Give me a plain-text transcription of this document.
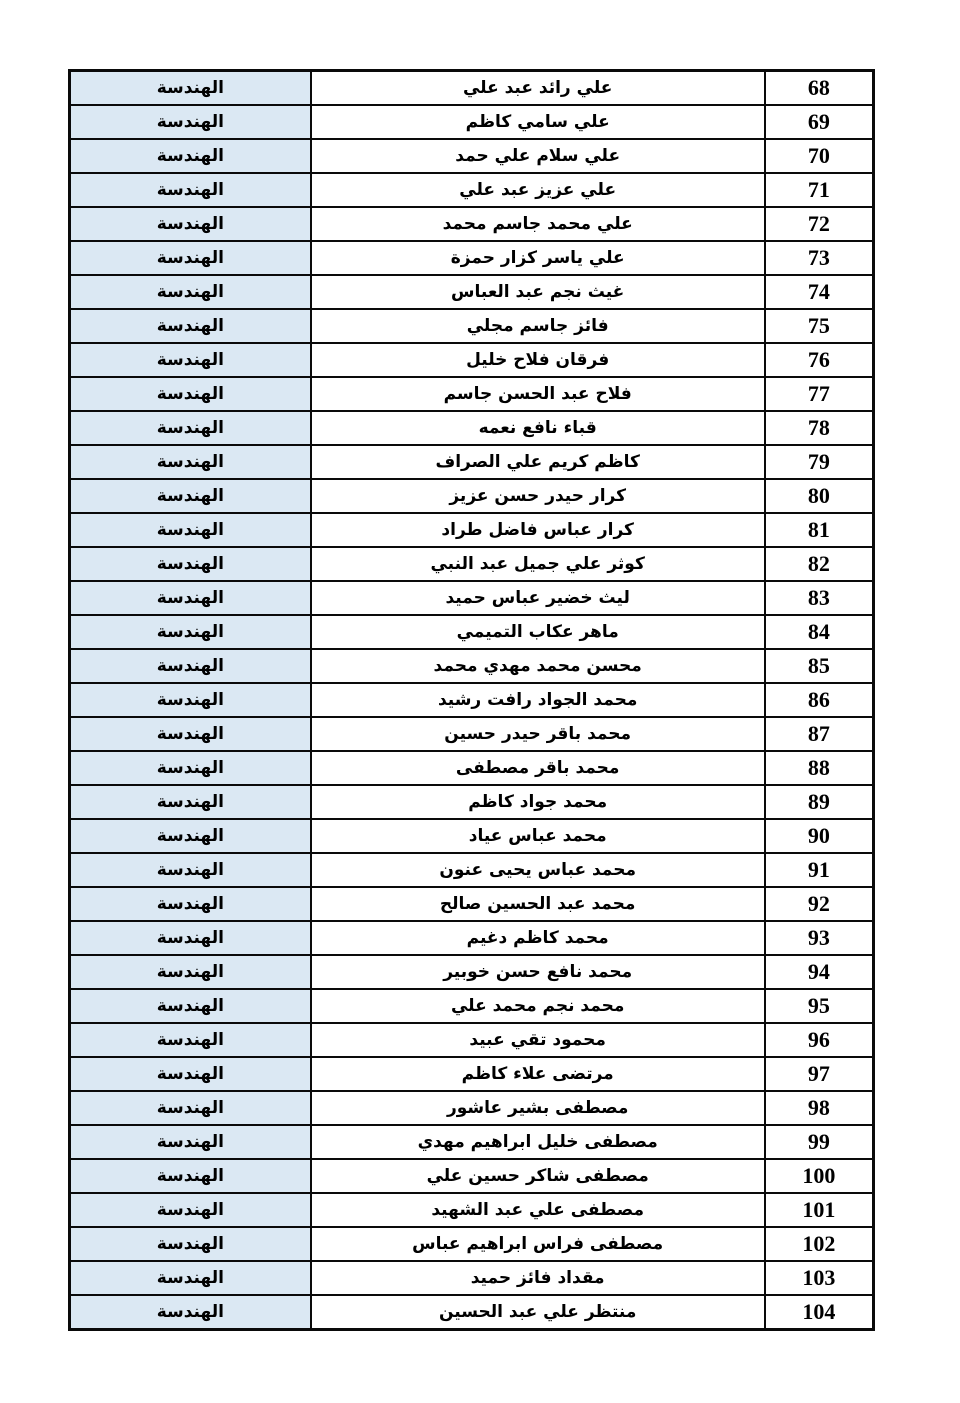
68	علي رائد عبد علي	الهندسة
69	علي سامي كاظم	الهندسة
70	علي سلام علي حمد	الهندسة
71	علي عزيز عبد علي	الهندسة
72	علي محمد جاسم محمد	الهندسة
73	علي ياسر كزار حمزة	الهندسة
74	غيث نجم عبد العباس	الهندسة
75	فائز جاسم مجلي	الهندسة
76	فرقان فلاح خليل	الهندسة
77	فلاح عبد الحسن جاسم	الهندسة
78	قباء نافع نعمه	الهندسة
79	كاظم كريم علي الصراف	الهندسة
80	كرار حيدر حسن عزيز	الهندسة
81	كرار عباس فاضل طراد	الهندسة
82	كوثر علي جميل عبد النبي	الهندسة
83	ليث خضير عباس حميد	الهندسة
84	ماهر عكاب التميمي	الهندسة
85	محسن محمد مهدي محمد	الهندسة
86	محمد الجواد رافت رشيد	الهندسة
87	محمد باقر حيدر حسين	الهندسة
88	محمد باقر مصطفى	الهندسة
89	محمد جواد كاظم	الهندسة
90	محمد عباس عياد	الهندسة
91	محمد عباس يحيى عنون	الهندسة
92	محمد عبد الحسين صالح	الهندسة
93	محمد كاظم دغيم	الهندسة
94	محمد نافع حسن خوبير	الهندسة
95	محمد نجم محمد علي	الهندسة
96	محمود تقي عبيد	الهندسة
97	مرتضى علاء كاظم	الهندسة
98	مصطفى بشير عاشور	الهندسة
99	مصطفى خليل ابراهيم مهدي	الهندسة
100	مصطفى شاكر حسين علي	الهندسة
101	مصطفى علي عبد الشهيد	الهندسة
102	مصطفى فراس ابراهيم عباس	الهندسة
103	مقداد فائز حميد	الهندسة
104	منتظر علي عبد الحسين	الهندسة
